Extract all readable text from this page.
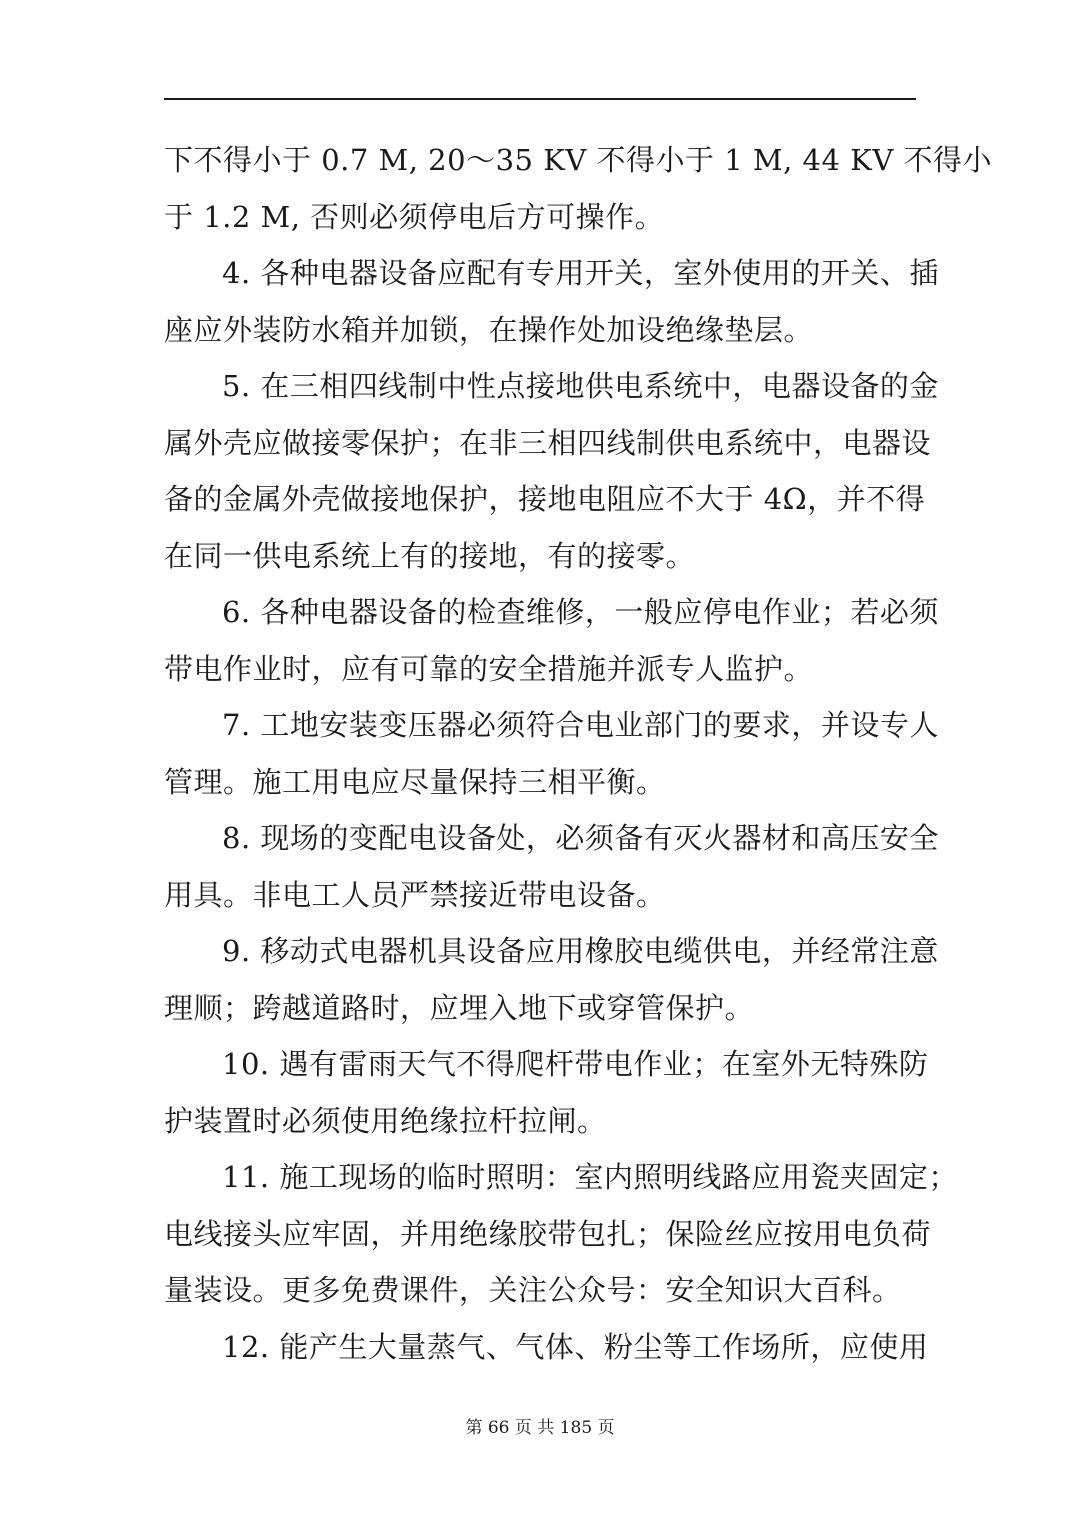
下不得小于 0.7 M, 20～35 KV 不得小于 1 M, 44 KV 不得小
于 1.2 M, 否则必须停电后方可操作。
4. 各种电器设备应配有专用开关，室外使用的开关、插
座应外装防水箱并加锁，在操作处加设绝缘垫层。
5. 在三相四线制中性点接地供电系统中，电器设备的金
属外壳应做接零保护；在非三相四线制供电系统中，电器设
备的金属外壳做接地保护，接地电阻应不大于 4Ω，并不得
在同一供电系统上有的接地，有的接零。
6. 各种电器设备的检查维修，一般应停电作业；若必须
带电作业时，应有可靠的安全措施并派专人监护。
7. 工地安装变压器必须符合电业部门的要求，并设专人
管理。施工用电应尽量保持三相平衡。
8. 现场的变配电设备处，必须备有灭火器材和高压安全
用具。非电工人员严禁接近带电设备。
9. 移动式电器机具设备应用橡胶电缆供电，并经常注意
理顺；跨越道路时，应埋入地下或穿管保护。
10. 遇有雷雨天气不得爬杆带电作业；在室外无特殊防
护装置时必须使用绝缘拉杆拉闸。
11. 施工现场的临时照明：室内照明线路应用瓷夹固定；
电线接头应牢固，并用绝缘胶带包扎；保险丝应按用电负荷
量装设。更多免费课件，关注公众号：安全知识大百科。
12. 能产生大量蒸气、气体、粉尘等工作场所，应使用
第 66 页 共 185 页
